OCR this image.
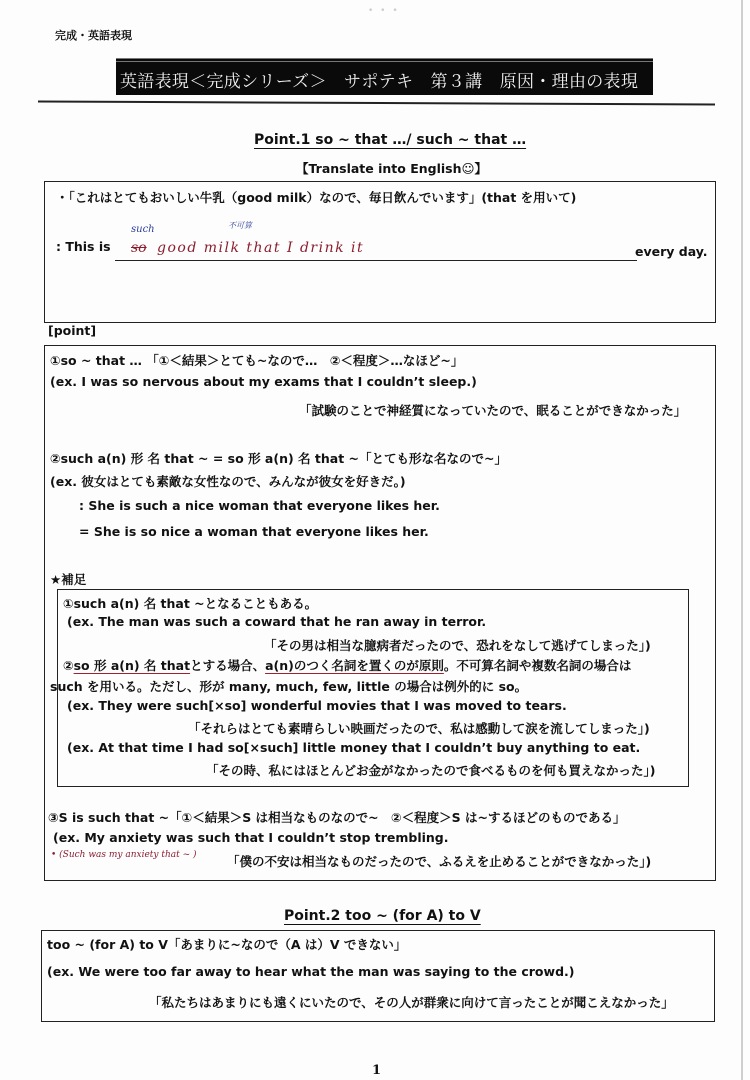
• • •
完成・英語表現
英語表現＜完成シリーズ＞　サポテキ　第３講　原因・理由の表現
Point.1 so ~ that …/ such ~ that …
【Translate into English☺】
・「これはとてもおいしい牛乳（good milk）なので、毎日飲んでいます」(that を用いて)
: This is
such	不可算
so good milk that I drink it	every day.
[point]
①so ~ that … 「①＜結果＞とても~なので…　②＜程度＞…なほど~」
(ex. I was so nervous about my exams that I couldn’t sleep.)
「試験のことで神経質になっていたので、眠ることができなかった」
②such a(n) 形 名 that ~ = so 形 a(n) 名 that ~「とても形な名なので~」
(ex. 彼女はとても素敵な女性なので、みんなが彼女を好きだ。)
: She is such a nice woman that everyone likes her.
= She is so nice a woman that everyone likes her.
★補足
①such a(n) 名 that ~となることもある。
(ex. The man was such a coward that he ran away in terror.
「その男は相当な臆病者だったので、恐れをなして逃げてしまった」)
②so 形 a(n) 名 thatとする場合、a(n)のつく名詞を置くのが原則。不可算名詞や複数名詞の場合は
such を用いる。ただし、形が many, much, few, little の場合は例外的に so。
(ex. They were such[×so] wonderful movies that I was moved to tears.
「それらはとても素晴らしい映画だったので、私は感動して涙を流してしまった」)
(ex. At that time I had so[×such] little money that I couldn’t buy anything to eat.
「その時、私にはほとんどお金がなかったので食べるものを何も買えなかった」)
③S is such that ~「①＜結果＞S は相当なものなので~　②＜程度＞S は~するほどのものである」
(ex. My anxiety was such that I couldn’t stop trembling.
• (Such was my anxiety that ~ ) 「僕の不安は相当なものだったので、ふるえを止めることができなかった」)
Point.2 too ~ (for A) to V
too ~ (for A) to V「あまりに~なので（A は）V できない」
(ex. We were too far away to hear what the man was saying to the crowd.)
「私たちはあまりにも遠くにいたので、その人が群衆に向けて言ったことが聞こえなかった」
1
